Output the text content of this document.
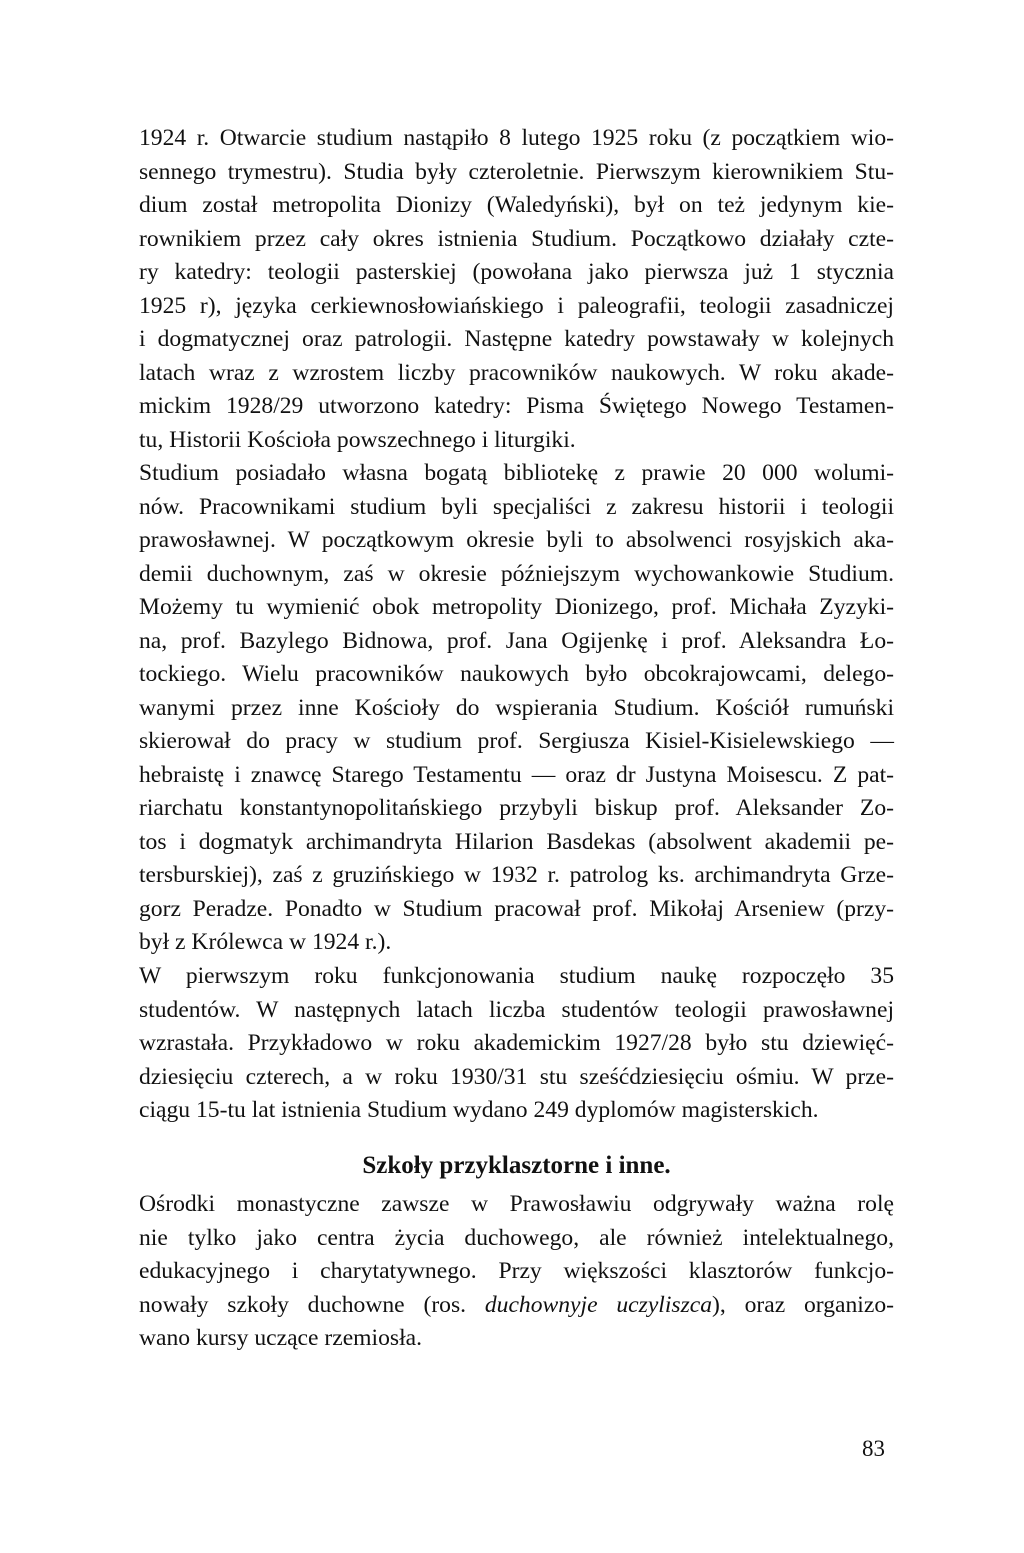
1924 r. Otwarcie studium nastąpiło 8 lutego 1925 roku (z początkiem wio-
sennego trymestru). Studia były czteroletnie. Pierwszym kierownikiem Stu-
dium został metropolita Dionizy (Waledyński), był on też jedynym kie-
rownikiem przez cały okres istnienia Studium. Początkowo działały czte-
ry katedry: teologii pasterskiej (powołana jako pierwsza już 1 stycznia
1925 r), języka cerkiewnosłowiańskiego i paleografii, teologii zasadniczej
i dogmatycznej oraz patrologii. Następne katedry powstawały w kolejnych
latach wraz z wzrostem liczby pracowników naukowych. W roku akade-
mickim 1928/29 utworzono katedry: Pisma Świętego Nowego Testamen-
tu, Historii Kościoła powszechnego i liturgiki.
Studium posiadało własna bogatą bibliotekę z prawie 20 000 wolumi-
nów. Pracownikami studium byli specjaliści z zakresu historii i teologii
prawosławnej. W początkowym okresie byli to absolwenci rosyjskich aka-
demii duchownym, zaś w okresie późniejszym wychowankowie Studium.
Możemy tu wymienić obok metropolity Dionizego, prof. Michała Zyzyki-
na, prof. Bazylego Bidnowa, prof. Jana Ogijenkę i prof. Aleksandra Ło-
tockiego. Wielu pracowników naukowych było obcokrajowcami, delego-
wanymi przez inne Kościoły do wspierania Studium. Kościół rumuński
skierował do pracy w studium prof. Sergiusza Kisiel-Kisielewskiego —
hebraistę i znawcę Starego Testamentu — oraz dr Justyna Moisescu. Z pat-
riarchatu konstantynopolitańskiego przybyli biskup prof. Aleksander Zo-
tos i dogmatyk archimandryta Hilarion Basdekas (absolwent akademii pe-
tersburskiej), zaś z gruzińskiego w 1932 r. patrolog ks. archimandryta Grze-
gorz Peradze. Ponadto w Studium pracował prof. Mikołaj Arseniew (przy-
był z Królewca w 1924 r.).
W pierwszym roku funkcjonowania studium naukę rozpoczęło 35
studentów. W następnych latach liczba studentów teologii prawosławnej
wzrastała. Przykładowo w roku akademickim 1927/28 było stu dziewięć-
dziesięciu czterech, a w roku 1930/31 stu sześćdziesięciu ośmiu. W prze-
ciągu 15-tu lat istnienia Studium wydano 249 dyplomów magisterskich.
Szkoły przyklasztorne i inne.
Ośrodki monastyczne zawsze w Prawosławiu odgrywały ważna rolę
nie tylko jako centra życia duchowego, ale również intelektualnego,
edukacyjnego i charytatywnego. Przy większości klasztorów funkcjo-
nowały szkoły duchowne (ros. duchownyje uczyliszca), oraz organizo-
wano kursy uczące rzemiosła.
83
